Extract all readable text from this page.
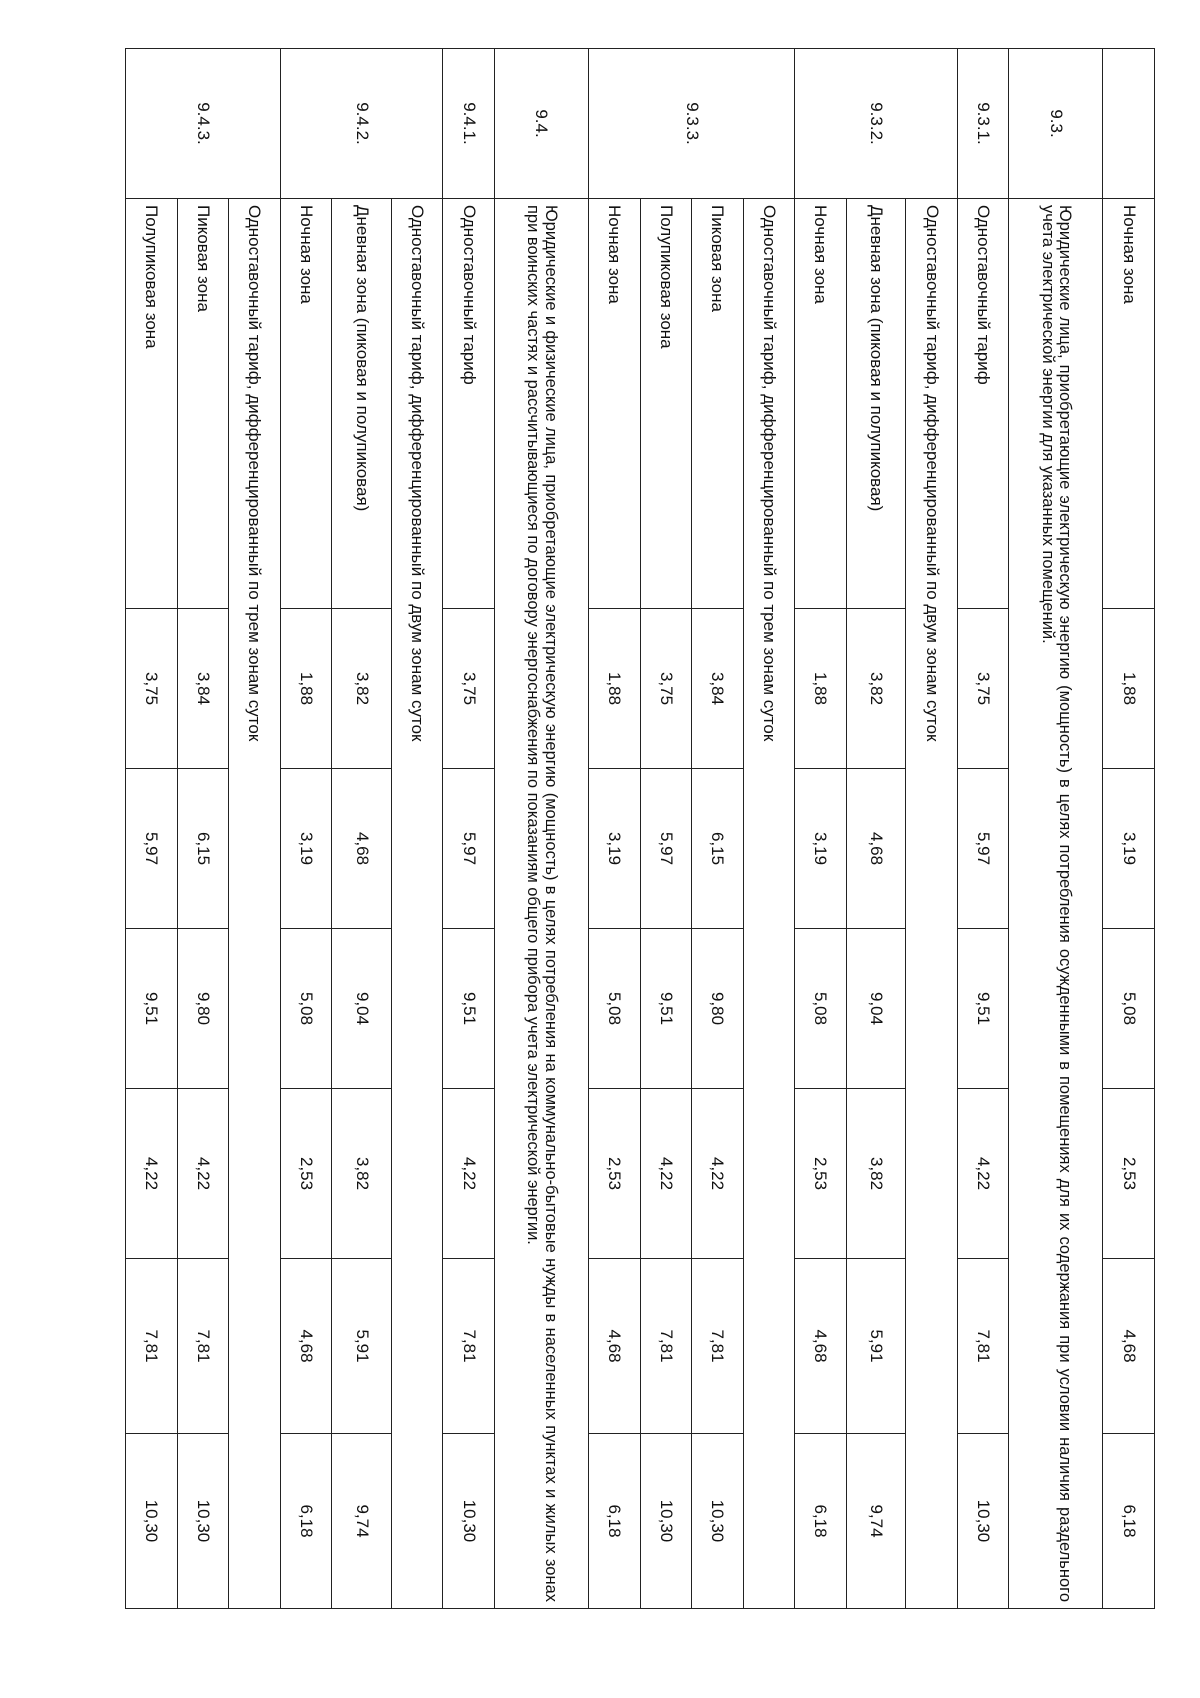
	Ночная зона	1,88	3,19	5,08	2,53	4,68	6,18
9.3.	Юридические лица, приобретающие электрическую энергию (мощность) в целях потребления осужденными в помещениях для их содержания при условии наличия раздельного учета электрической энергии для указанных помещений.						
9.3.1.	Одноставочный тариф	3,75	5,97	9,51	4,22	7,81	10,30
9.3.2.	Одноставочный тариф, дифференцированный по двум зонам суток						
	Дневная зона (пиковая и полупиковая)	3,82	4,68	9,04	3,82	5,91	9,74
	Ночная зона	1,88	3,19	5,08	2,53	4,68	6,18
9.3.3.	Одноставочный тариф, дифференцированный по трем зонам суток						
	Пиковая зона	3,84	6,15	9,80	4,22	7,81	10,30
	Полупиковая зона	3,75	5,97	9,51	4,22	7,81	10,30
	Ночная зона	1,88	3,19	5,08	2,53	4,68	6,18
9.4.	Юридические и физические лица, приобретающие электрическую энергию (мощность) в целях потребления на коммунально-бытовые нужды в населенных пунктах и жилых зонах при воинских частях и рассчитывающиеся по договору энергоснабжения по показаниям общего прибора учета электрической энергии.						
9.4.1.	Одноставочный тариф	3,75	5,97	9,51	4,22	7,81	10,30
9.4.2.	Одноставочный тариф, дифференцированный по двум зонам суток						
	Дневная зона (пиковая и полупиковая)	3,82	4,68	9,04	3,82	5,91	9,74
	Ночная зона	1,88	3,19	5,08	2,53	4,68	6,18
9.4.3.	Одноставочный тариф, дифференцированный по трем зонам суток						
	Пиковая зона	3,84	6,15	9,80	4,22	7,81	10,30
	Полупиковая зона	3,75	5,97	9,51	4,22	7,81	10,30
